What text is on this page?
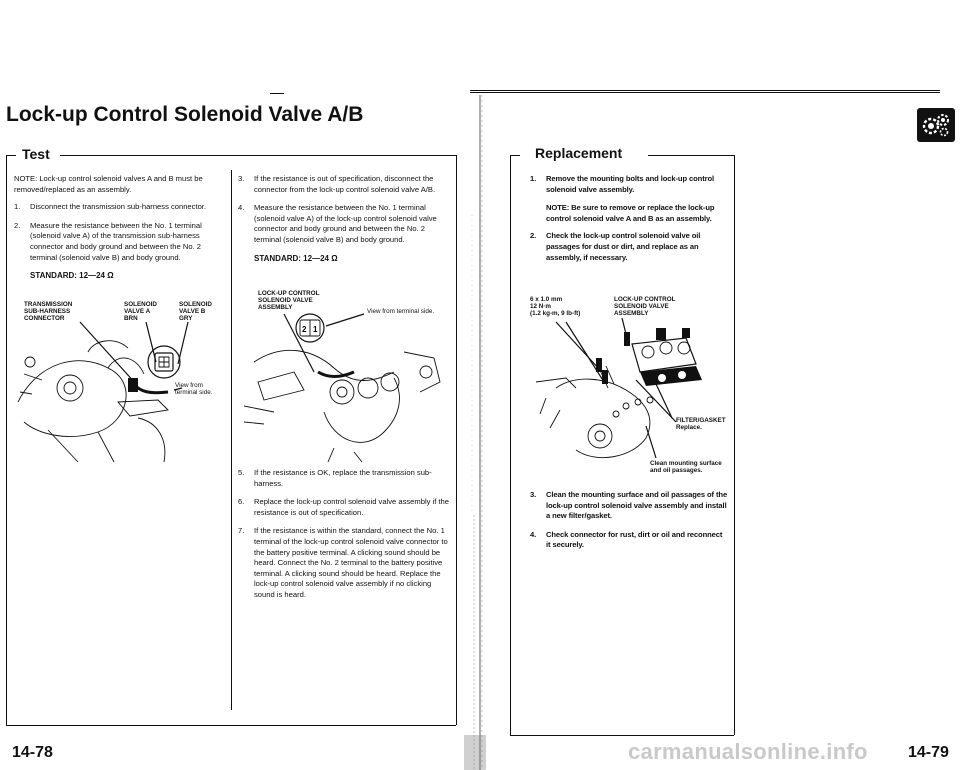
Lock-up Control Solenoid Valve A/B
Test

NOTE: Lock-up control solenoid valves A and B must be removed/replaced as an assembly.

1. Disconnect the transmission sub-harness connector.
2. Measure the resistance between the No. 1 terminal (solenoid valve A) of the transmission sub-harness connector and body ground and between the No. 2 terminal (solenoid valve B) and body ground.
STANDARD: 12—24 Ω
TRANSMISSION
SUB-HARNESS
CONNECTOR
SOLENOID
VALVE A
BRN
SOLENOID
VALVE B
GRY
View from
terminal side.
3. If the resistance is out of specification, disconnect the connector from the lock-up control solenoid valve A/B.
4. Measure the resistance between the No. 1 terminal (solenoid valve A) of the lock-up control solenoid valve connector and body ground and between the No. 2 terminal (solenoid valve B) and body ground.
STANDARD: 12—24 Ω
LOCK-UP CONTROL
SOLENOID VALVE
ASSEMBLY
View from terminal side.
2 1
5. If the resistance is OK, replace the transmission sub-harness.
6. Replace the lock-up control solenoid valve assembly if the resistance is out of specification.
7. If the resistance is within the standard, connect the No. 1 terminal of the lock-up control solenoid valve connector to the battery positive terminal. A clicking sound should be heard. Connect the No. 2 terminal to the battery positive terminal. A clicking sound should be heard. Replace the lock-up control solenoid valve assembly if no clicking sound is heard.
Replacement
1. Remove the mounting bolts and lock-up control solenoid valve assembly.

NOTE: Be sure to remove or replace the lock-up control solenoid valve A and B as an assembly.

2. Check the lock-up control solenoid valve oil passages for dust or dirt, and replace as an assembly, if necessary.
6 x 1.0 mm
12 N·m
(1.2 kg-m, 9 lb-ft)
LOCK-UP CONTROL
SOLENOID VALVE
ASSEMBLY
FILTER/GASKET
Replace.
Clean mounting surface
and oil passages.
3. Clean the mounting surface and oil passages of the lock-up control solenoid valve assembly and install a new filter/gasket.
4. Check connector for rust, dirt or oil and reconnect it securely.
14-78	carmanualsonline.info	14-79
